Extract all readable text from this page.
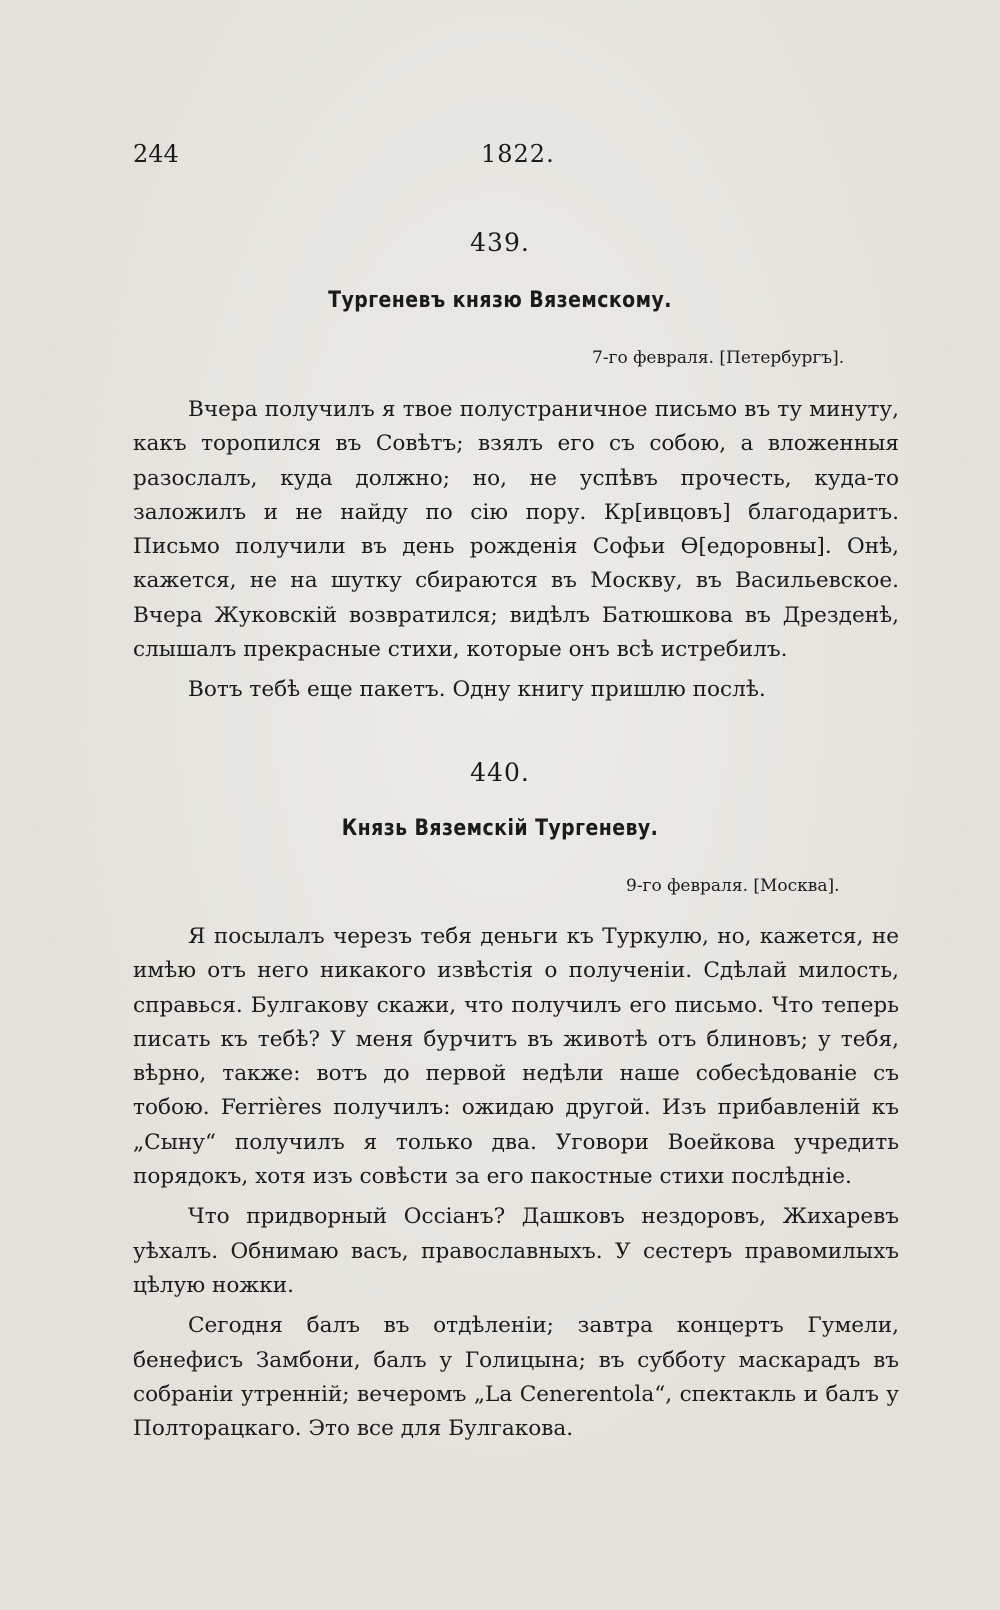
244	1822.
439.
Тургеневъ князю Вяземскому.
7-го февраля. [Петербургъ].

Вчера получилъ я твое полустраничное письмо въ ту минуту, какъ торопился въ Совѣтъ; взялъ его съ собою, а вложенныя разослалъ, куда должно; но, не успѣвъ прочесть, куда-то заложилъ и не найду по сію пору. Кр[ивцовъ] благодаритъ. Письмо получили въ день рожденія Софьи Ѳ[едоровны]. Онѣ, кажется, не на шутку сбираются въ Москву, въ Васильевское. Вчера Жуковскій возвратился; видѣлъ Батюшкова въ Дрезденѣ, слышалъ прекрасные стихи, которые онъ всѣ истребилъ.

Вотъ тебѣ еще пакетъ. Одну книгу пришлю послѣ.

440.
Князь Вяземскій Тургеневу.
9-го февраля. [Москва].

Я посылалъ черезъ тебя деньги къ Туркулю, но, кажется, не имѣю отъ него никакого извѣстія о полученіи. Сдѣлай милость, справься. Булгакову скажи, что получилъ его письмо. Что теперь писать къ тебѣ? У меня бурчитъ въ животѣ отъ блиновъ; у тебя, вѣрно, также: вотъ до первой недѣли наше собесѣдованіе съ тобою. Ferrières получилъ: ожидаю другой. Изъ прибавленій къ „Сыну“ получилъ я только два. Уговори Воейкова учредить порядокъ, хотя изъ совѣсти за его пакостные стихи послѣдніе.

Что придворный Оссіанъ? Дашковъ нездоровъ, Жихаревъ уѣхалъ. Обнимаю васъ, православныхъ. У сестеръ правомилыхъ цѣлую ножки.

Сегодня балъ въ отдѣленіи; завтра концертъ Гумели, бенефисъ Замбони, балъ у Голицына; въ субботу маскарадъ въ собраніи утренній; вечеромъ „La Cenerentola“, спектакль и балъ у Полторацкаго. Это все для Булгакова.
